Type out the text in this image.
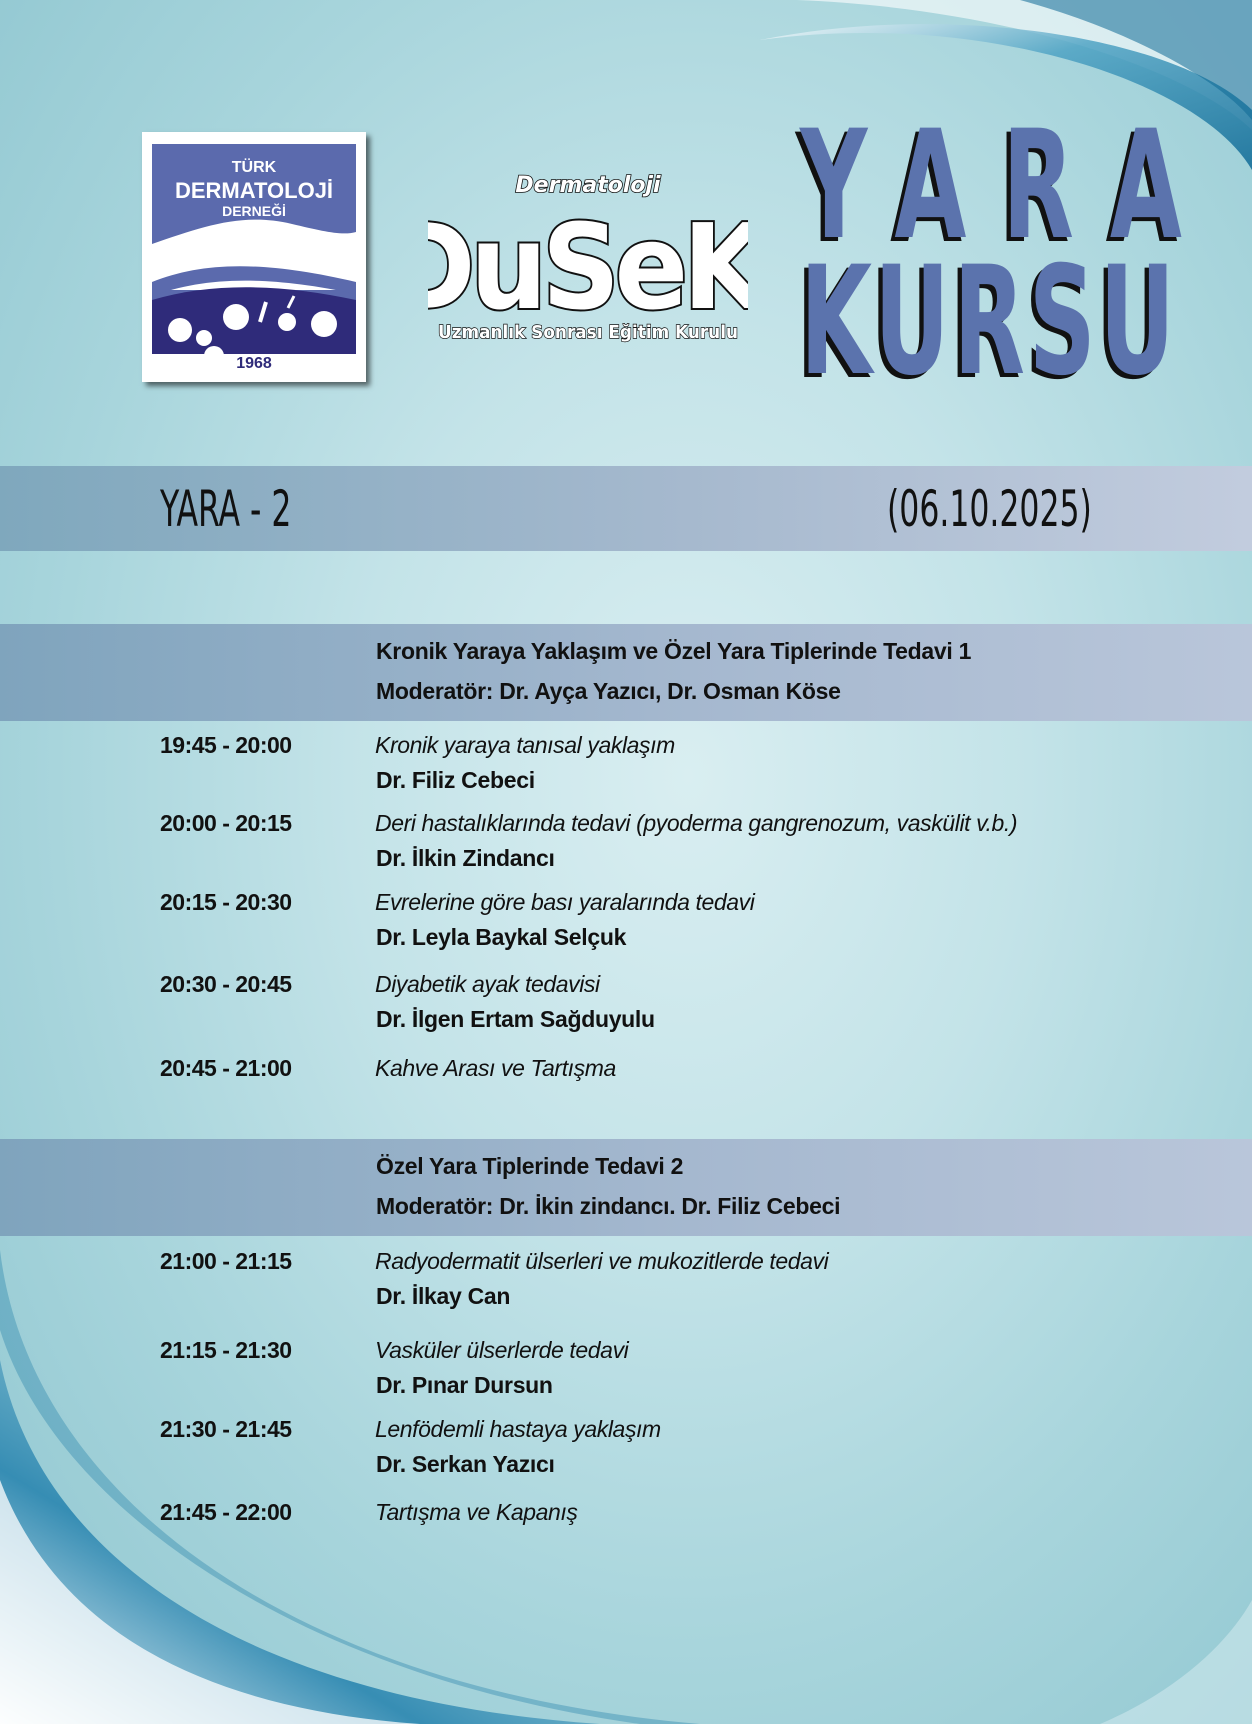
TÜRK
DERMATOLOJİ
DERNEĞİ
1968
Dermatoloji
uSeK
Uzmanlık Sonrası Eğitim Kurulu
YARA
KURSU
YARA - 2	(06.10.2025)
Kronik Yaraya Yaklaşım ve Özel Yara Tiplerinde Tedavi 1
Moderatör: Dr. Ayça Yazıcı, Dr. Osman Köse
19:45 - 20:00	Kronik yaraya tanısal yaklaşım
Dr. Filiz Cebeci
20:00 - 20:15	Deri hastalıklarında tedavi (pyoderma gangrenozum, vaskülit v.b.)
Dr. İlkin Zindancı
20:15 - 20:30	Evrelerine göre bası yaralarında tedavi
Dr. Leyla Baykal Selçuk
20:30 - 20:45	Diyabetik ayak tedavisi
Dr. İlgen Ertam Sağduyulu
20:45 - 21:00	Kahve Arası ve Tartışma
Özel Yara Tiplerinde Tedavi 2
Moderatör: Dr. İkin zindancı. Dr. Filiz Cebeci
21:00 - 21:15	Radyodermatit ülserleri ve mukozitlerde tedavi
Dr. İlkay Can
21:15 - 21:30	Vasküler ülserlerde tedavi
Dr. Pınar Dursun
21:30 - 21:45	Lenfödemli hastaya yaklaşım
Dr. Serkan Yazıcı
21:45 - 22:00	Tartışma ve Kapanış
